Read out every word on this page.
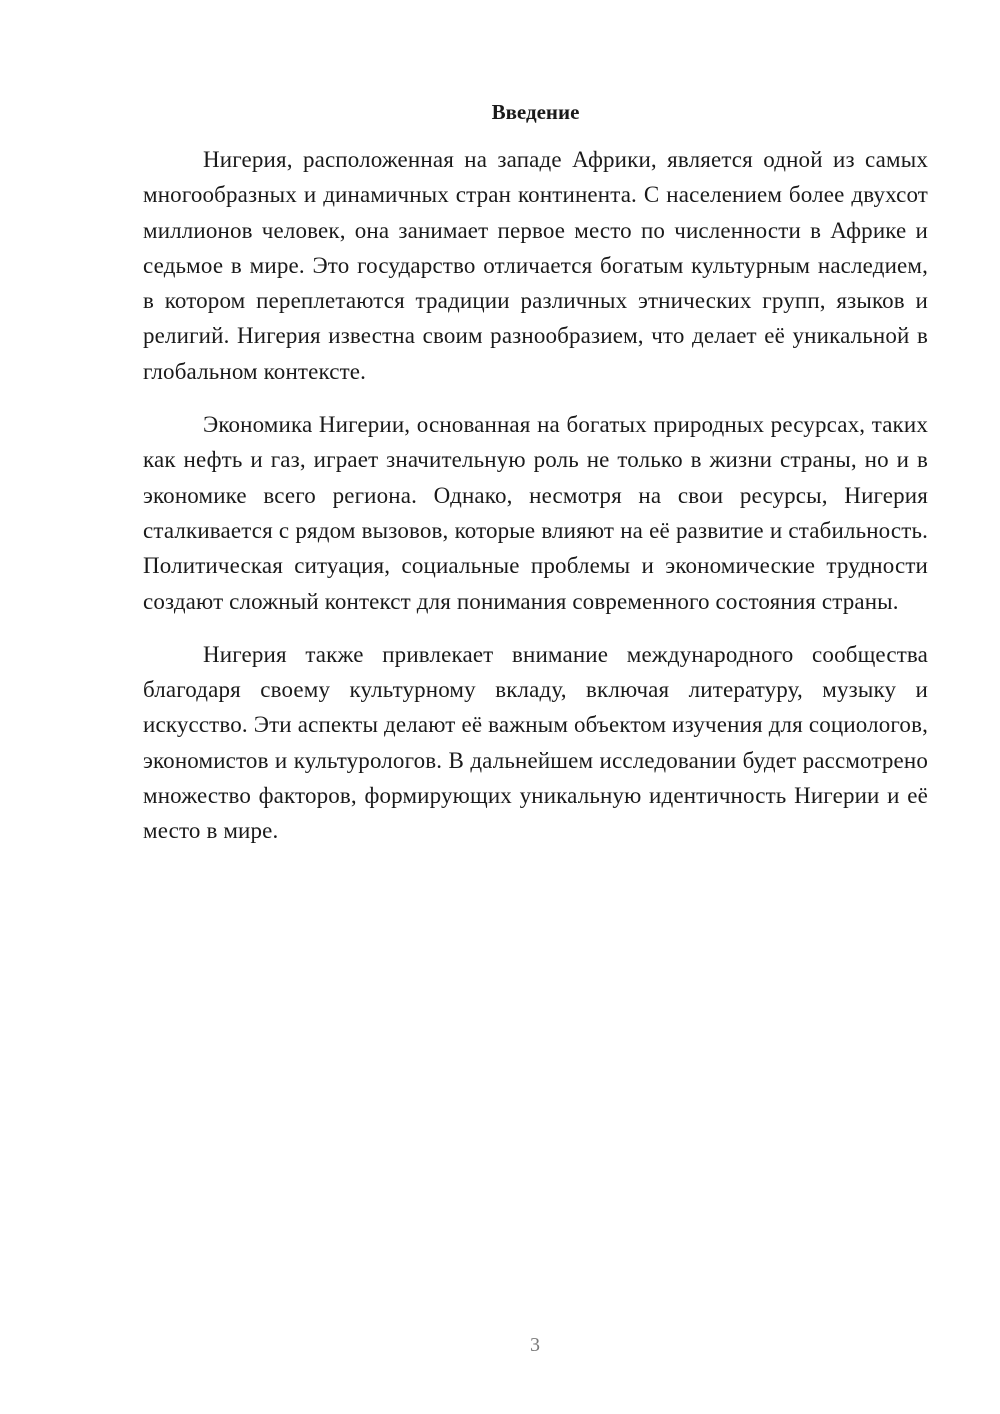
Введение

Нигерия, расположенная на западе Африки, является одной из самых многообразных и динамичных стран континента. С населением более двухсот миллионов человек, она занимает первое место по численности в Африке и седьмое в мире. Это государство отличается богатым культурным наследием, в котором переплетаются традиции различных этнических групп, языков и религий. Нигерия известна своим разнообразием, что делает её уникальной в глобальном контексте.

Экономика Нигерии, основанная на богатых природных ресурсах, таких как нефть и газ, играет значительную роль не только в жизни страны, но и в экономике всего региона. Однако, несмотря на свои ресурсы, Нигерия сталкивается с рядом вызовов, которые влияют на её развитие и стабильность. Политическая ситуация, социальные проблемы и экономические трудности создают сложный контекст для понимания современного состояния страны.

Нигерия также привлекает внимание международного сообщества благодаря своему культурному вкладу, включая литературу, музыку и искусство. Эти аспекты делают её важным объектом изучения для социологов, экономистов и культурологов. В дальнейшем исследовании будет рассмотрено множество факторов, формирующих уникальную идентичность Нигерии и её место в мире.

3
